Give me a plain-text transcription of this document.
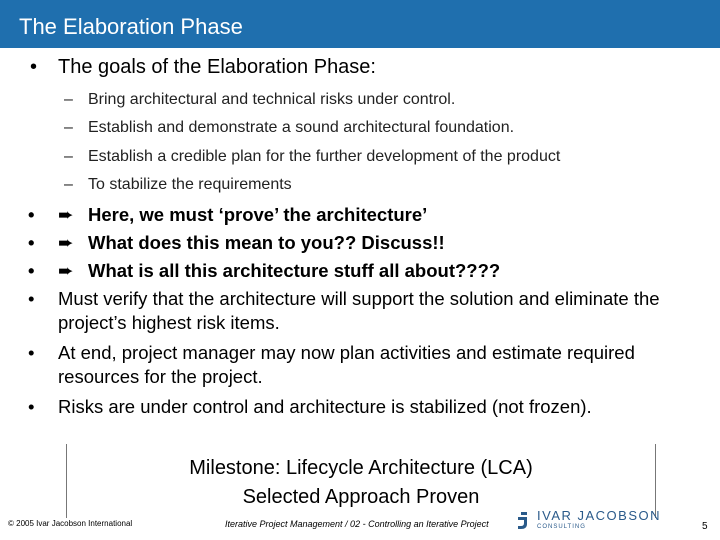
The Elaboration Phase
• The goals of the Elaboration Phase:
– Bring architectural and technical risks under control.
– Establish and demonstrate a sound architectural foundation.
– Establish a credible plan for the further development of the product
– To stabilize the requirements
• ➨ Here, we must ‘prove’ the architecture’
• ➨ What does this mean to you?? Discuss!!
• ➨ What is all this architecture stuff all about????
• Must verify that the architecture will support the solution and eliminate the project’s highest risk items.
• At end, project manager may now plan activities and estimate required resources for the project.
• Risks are under control and architecture is stabilized (not frozen).
Milestone: Lifecycle Architecture (LCA)
Selected Approach Proven
© 2005 Ivar Jacobson International	Iterative Project Management / 02 - Controlling an Iterative Project
IVAR JACOBSON
CONSULTING	5
